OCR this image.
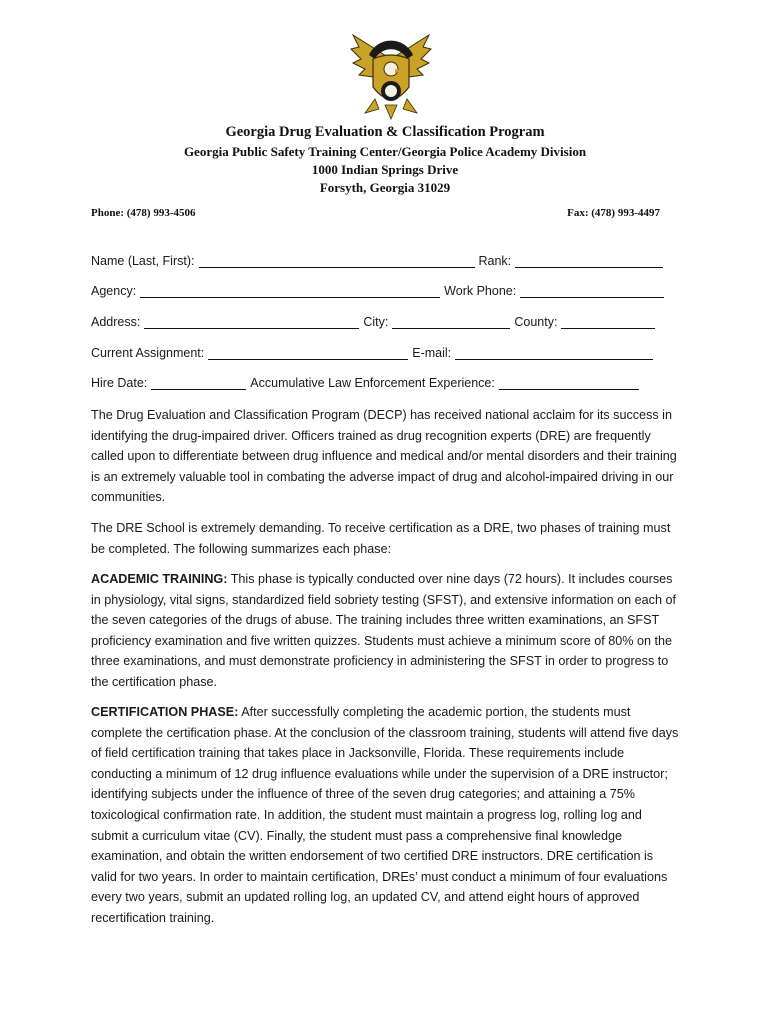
Georgia Drug Evaluation & Classification Program
Georgia Public Safety Training Center/Georgia Police Academy Division
1000 Indian Springs Drive
Forsyth, Georgia 31029
Phone: (478) 993-4506	Fax: (478) 993-4497
Name (Last, First):	Rank:
Agency:	Work Phone:
Address:	City:	County:
Current Assignment:	E-mail:
Hire Date:	Accumulative Law Enforcement Experience:

The Drug Evaluation and Classification Program (DECP) has received national acclaim for its success in identifying the drug-impaired driver. Officers trained as drug recognition experts (DRE) are frequently called upon to differentiate between drug influence and medical and/or mental disorders and their training is an extremely valuable tool in combating the adverse impact of drug and alcohol-impaired driving in our communities.

The DRE School is extremely demanding. To receive certification as a DRE, two phases of training must be completed. The following summarizes each phase:

ACADEMIC TRAINING: This phase is typically conducted over nine days (72 hours). It includes courses in physiology, vital signs, standardized field sobriety testing (SFST), and extensive information on each of the seven categories of the drugs of abuse. The training includes three written examinations, an SFST proficiency examination and five written quizzes. Students must achieve a minimum score of 80% on the three examinations, and must demonstrate proficiency in administering the SFST in order to progress to the certification phase.

CERTIFICATION PHASE: After successfully completing the academic portion, the students must complete the certification phase. At the conclusion of the classroom training, students will attend five days of field certification training that takes place in Jacksonville, Florida. These requirements include conducting a minimum of 12 drug influence evaluations while under the supervision of a DRE instructor; identifying subjects under the influence of three of the seven drug categories; and attaining a 75% toxicological confirmation rate. In addition, the student must maintain a progress log, rolling log and submit a curriculum vitae (CV). Finally, the student must pass a comprehensive final knowledge examination, and obtain the written endorsement of two certified DRE instructors. DRE certification is valid for two years. In order to maintain certification, DREs’ must conduct a minimum of four evaluations every two years, submit an updated rolling log, an updated CV, and attend eight hours of approved recertification training.
